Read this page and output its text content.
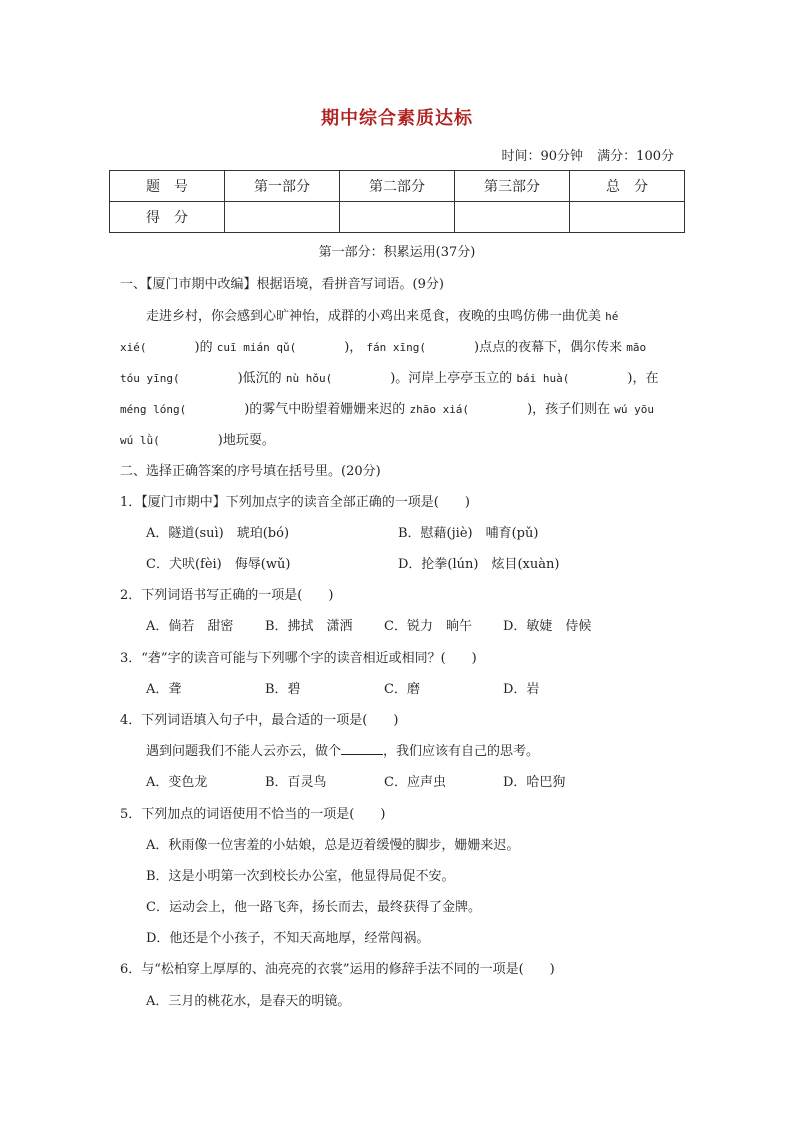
期中综合素质达标
时间：90分钟 满分：100分
题　号	第一部分	第二部分	第三部分	总　分
得　分				
第一部分：积累运用(37分)
一、【厦门市期中改编】根据语境，看拼音写词语。(9分)
走进乡村，你会感到心旷神怡，成群的小鸡出来觅食，夜晚的虫鸣仿佛一曲优美 hé
xié(	)的 cuī mián qǔ(	)， fán xīng(	)点点的夜幕下，偶尔传来 māo
tóu yīng(	)低沉的 nù hǒu(	)。河岸上亭亭玉立的 bái huà(	)，在
méng lóng(	)的雾气中盼望着姗姗来迟的 zhāo xiá(	)，孩子们则在 wú yōu
wú lǜ(	)地玩耍。
二、选择正确答案的序号填在括号里。(20分)
1．【厦门市期中】下列加点字的读音全部正确的一项是(　　)
A．隧道(suì)　琥珀(bó)	B．慰藉(jiè)　哺育(pǔ)
C．犬吠(fèi)　侮辱(wǔ)	D．抡拳(lún)　炫目(xuàn)
2．下列词语书写正确的一项是(　　)
A．倘若　甜密 B．拂拭　潇洒 C．锐力　晌午 D．敏婕　侍候
3．“砻”字的读音可能与下列哪个字的读音相近或相同？(　　)
A．聋	B．碧	C．磨	D．岩
4．下列词语填入句子中，最合适的一项是(　　)
遇到问题我们不能人云亦云，做个	，我们应该有自己的思考。
A．变色龙	B．百灵鸟	C．应声虫	D．哈巴狗
5．下列加点的词语使用不恰当的一项是(　　)
A．秋雨像一位害羞的小姑娘，总是迈着缓慢的脚步，姗姗来迟。
B．这是小明第一次到校长办公室，他显得局促不安。
C．运动会上，他一路飞奔，扬长而去，最终获得了金牌。
D．他还是个小孩子，不知天高地厚，经常闯祸。
6．与“松柏穿上厚厚的、油亮亮的衣裳”运用的修辞手法不同的一项是(　　)
A．三月的桃花水，是春天的明镜。
